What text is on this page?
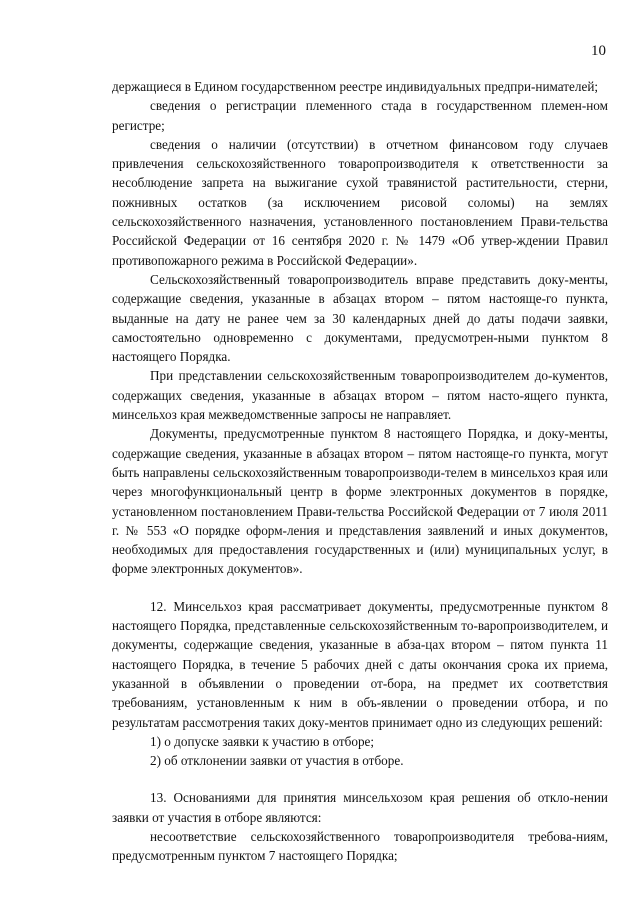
10

держащиеся в Едином государственном реестре индивидуальных предпри-нимателей;

сведения о регистрации племенного стада в государственном племен-ном регистре;

сведения о наличии (отсутствии) в отчетном финансовом году случаев привлечения сельскохозяйственного товаропроизводителя к ответственности за несоблюдение запрета на выжигание сухой травянистой растительности, стерни, пожнивных остатков (за исключением рисовой соломы) на землях сельскохозяйственного назначения, установленного постановлением Прави-тельства Российской Федерации от 16 сентября 2020 г. № 1479 «Об утвер-ждении Правил противопожарного режима в Российской Федерации».

Сельскохозяйственный товаропроизводитель вправе представить доку-менты, содержащие сведения, указанные в абзацах втором – пятом настояще-го пункта, выданные на дату не ранее чем за 30 календарных дней до даты подачи заявки, самостоятельно одновременно с документами, предусмотрен-ными пунктом 8 настоящего Порядка.

При представлении сельскохозяйственным товаропроизводителем до-кументов, содержащих сведения, указанные в абзацах втором – пятом насто-ящего пункта, минсельхоз края межведомственные запросы не направляет.

Документы, предусмотренные пунктом 8 настоящего Порядка, и доку-менты, содержащие сведения, указанные в абзацах втором – пятом настояще-го пункта, могут быть направлены сельскохозяйственным товаропроизводи-телем в минсельхоз края или через многофункциональный центр в форме электронных документов в порядке, установленном постановлением Прави-тельства Российской Федерации от 7 июля 2011 г. № 553 «О порядке оформ-ления и представления заявлений и иных документов, необходимых для предоставления государственных и (или) муниципальных услуг, в форме электронных документов».

12. Минсельхоз края рассматривает документы, предусмотренные пунктом 8 настоящего Порядка, представленные сельскохозяйственным то-варопроизводителем, и документы, содержащие сведения, указанные в абза-цах втором – пятом пункта 11 настоящего Порядка, в течение 5 рабочих дней с даты окончания срока их приема, указанной в объявлении о проведении от-бора, на предмет их соответствия требованиям, установленным к ним в объ-явлении о проведении отбора, и по результатам рассмотрения таких доку-ментов принимает одно из следующих решений:

1) о допуске заявки к участию в отборе;

2) об отклонении заявки от участия в отборе.

13. Основаниями для принятия минсельхозом края решения об откло-нении заявки от участия в отборе являются:

несоответствие сельскохозяйственного товаропроизводителя требова-ниям, предусмотренным пунктом 7 настоящего Порядка;
